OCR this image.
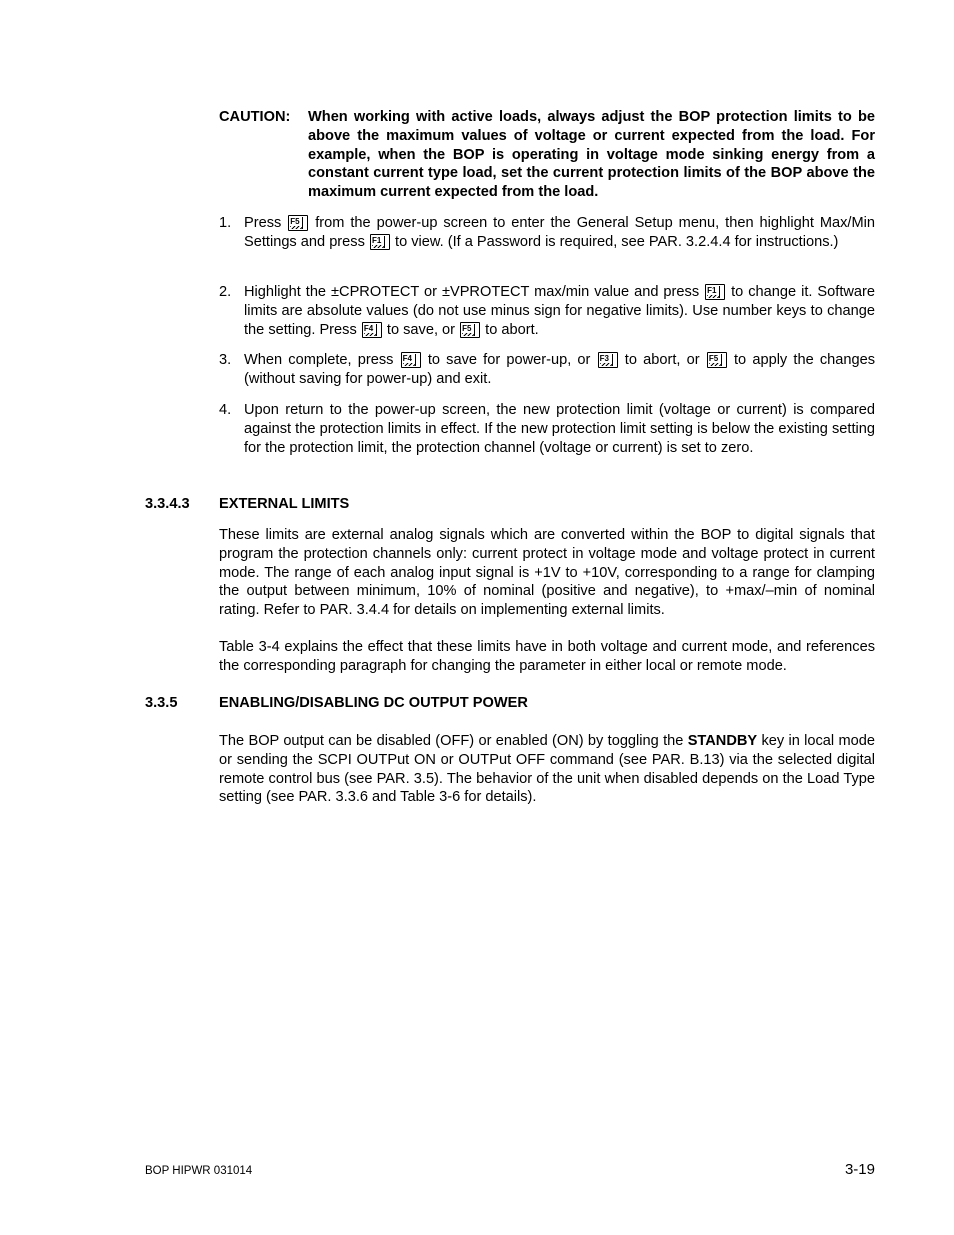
CAUTION: When working with active loads, always adjust the BOP protection limits to be above the maximum values of voltage or current expected from the load. For example, when the BOP is operating in voltage mode sinking energy from a constant current type load, set the current protection limits of the BOP above the maximum current expected from the load.
1. Press F5 from the power-up screen to enter the General Setup menu, then highlight Max/Min Settings and press F1 to view. (If a Password is required, see PAR. 3.2.4.4 for instructions.)
2. Highlight the ±CPROTECT or ±VPROTECT max/min value and press F1 to change it. Software limits are absolute values (do not use minus sign for negative limits). Use number keys to change the setting. Press F4 to save, or F5 to abort.
3. When complete, press F4 to save for power-up, or F3 to abort, or F5 to apply the changes (without saving for power-up) and exit.
4. Upon return to the power-up screen, the new protection limit (voltage or current) is compared against the protection limits in effect. If the new protection limit setting is below the existing setting for the protection limit, the protection channel (voltage or current) is set to zero.
3.3.4.3 EXTERNAL LIMITS
These limits are external analog signals which are converted within the BOP to digital signals that program the protection channels only: current protect in voltage mode and voltage protect in current mode. The range of each analog input signal is +1V to +10V, corresponding to a range for clamping the output between minimum, 10% of nominal (positive and negative), to +max/–min of nominal rating. Refer to PAR. 3.4.4 for details on implementing external limits.
Table 3-4 explains the effect that these limits have in both voltage and current mode, and references the corresponding paragraph for changing the parameter in either local or remote mode.
3.3.5	ENABLING/DISABLING DC OUTPUT POWER
The BOP output can be disabled (OFF) or enabled (ON) by toggling the STANDBY key in local mode or sending the SCPI OUTPut ON or OUTPut OFF command (see PAR. B.13) via the selected digital remote control bus (see PAR. 3.5). The behavior of the unit when disabled depends on the Load Type setting (see PAR. 3.3.6 and Table 3-6 for details).
BOP HIPWR 031014	3-19
